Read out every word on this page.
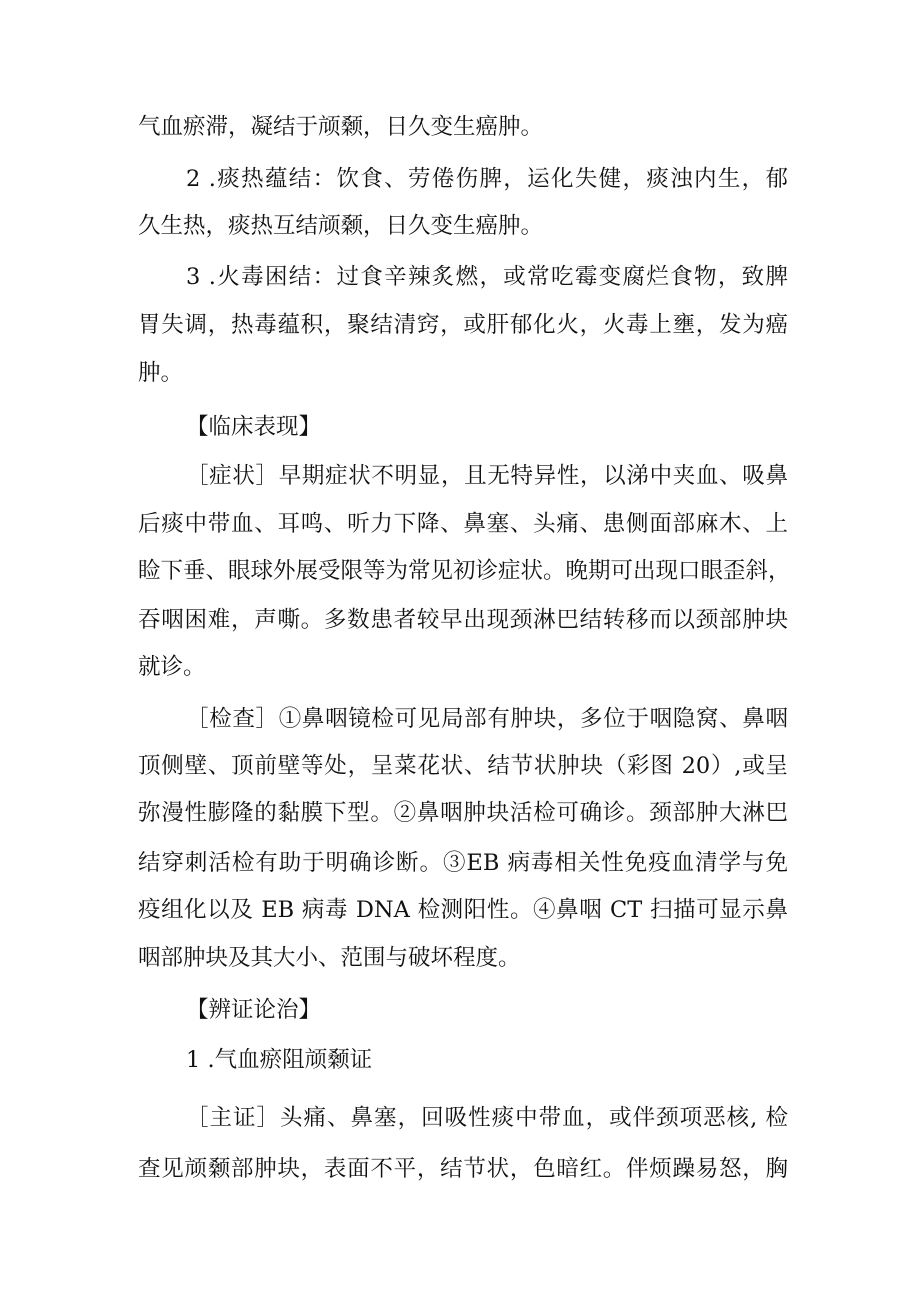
气血瘀滞，凝结于颃颡，日久变生癌肿。
2 .痰热蕴结：饮食、劳倦伤脾，运化失健，痰浊内生，郁
久生热，痰热互结颃颡，日久变生癌肿。
3 .火毒困结：过食辛辣炙燃，或常吃霉变腐烂食物，致脾
胃失调，热毒蕴积，聚结清窍，或肝郁化火，火毒上壅，发为癌
肿。
【临床表现】
［症状］早期症状不明显，且无特异性，以涕中夹血、吸鼻
后痰中带血、耳鸣、听力下降、鼻塞、头痛、患侧面部麻木、上
睑下垂、眼球外展受限等为常见初诊症状。晚期可出现口眼歪斜，
吞咽困难，声嘶。多数患者较早出现颈淋巴结转移而以颈部肿块
就诊。
［检查］①鼻咽镜检可见局部有肿块，多位于咽隐窝、鼻咽
顶侧壁、顶前壁等处，呈菜花状、结节状肿块（彩图 20）,或呈
弥漫性膨隆的黏膜下型。②鼻咽肿块活检可确诊。颈部肿大淋巴
结穿刺活检有助于明确诊断。③EB 病毒相关性免疫血清学与免
疫组化以及 EB 病毒 DNA 检测阳性。④鼻咽 CT 扫描可显示鼻
咽部肿块及其大小、范围与破坏程度。
【辨证论治】
1 .气血瘀阻颃颡证
［主证］头痛、鼻塞，回吸性痰中带血，或伴颈项恶核, 检
查见颃颡部肿块，表面不平，结节状，色暗红。伴烦躁易怒，胸
